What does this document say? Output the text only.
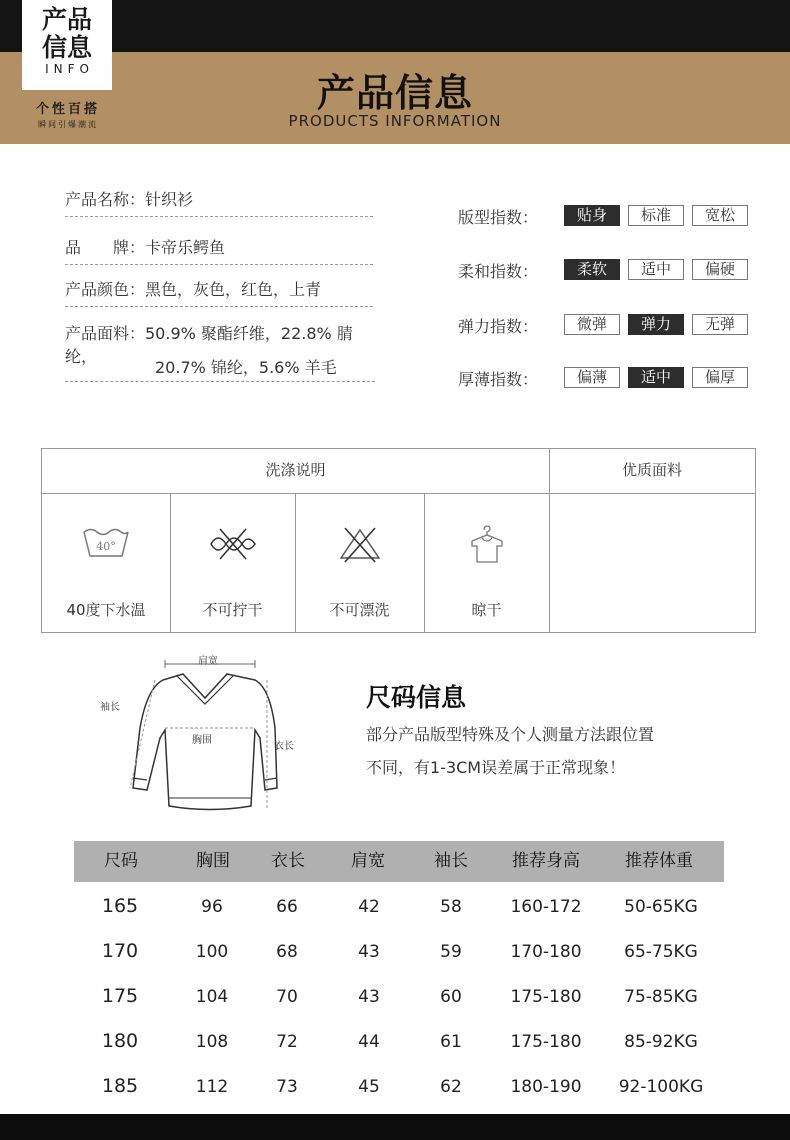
产品
信息
INFO
个性百搭
瞬间引爆潮流
产品信息
PRODUCTS INFORMATION
产品名称：针织衫
品　　牌：卡帝乐鳄鱼
产品颜色：黑色，灰色，红色，上青
产品面料：50.9% 聚酯纤维，22.8% 腈纶，
20.7% 锦纶，5.6% 羊毛
版型指数：	贴身	标准	宽松
柔和指数：	柔软	适中	偏硬
弹力指数：	微弹	弹力	无弹
厚薄指数：	偏薄	适中	偏厚
洗涤说明	优质面料
40°
40度下水温	不可拧干	不可漂洗	晾干
肩宽
袖长
胸围
衣长
尺码信息
部分产品版型特殊及个人测量方法跟位置
不同，有1-3CM误差属于正常现象！
尺码	胸围	衣长	肩宽	袖长	推荐身高	推荐体重
165	96	66	42	58	160-172	50-65KG
170	100	68	43	59	170-180	65-75KG
175	104	70	43	60	175-180	75-85KG
180	108	72	44	61	175-180	85-92KG
185	112	73	45	62	180-190	92-100KG
